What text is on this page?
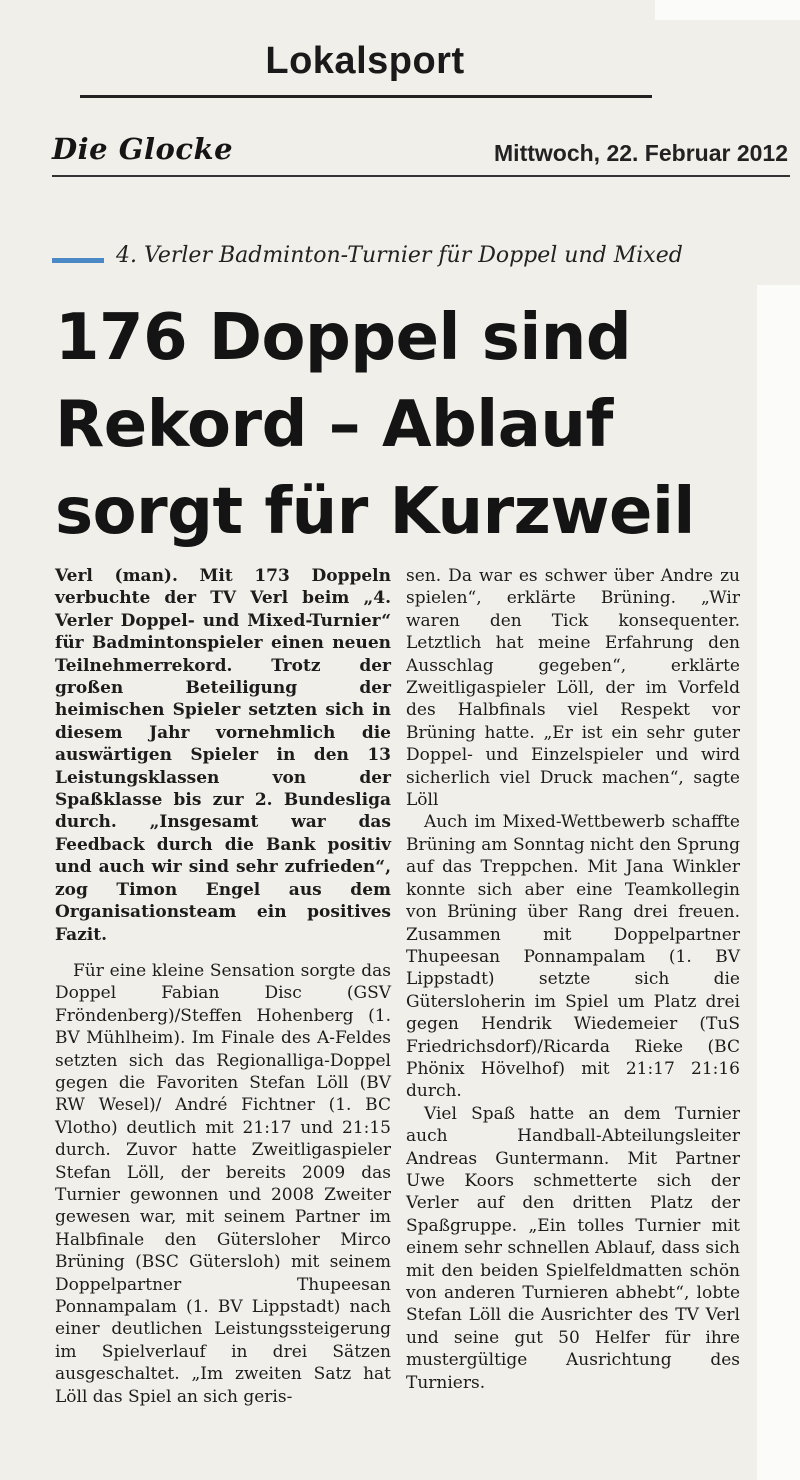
Lokalsport
Die Glocke	Mittwoch, 22. Februar 2012
4. Verler Badminton-Turnier für Doppel und Mixed
176 Doppel sind Rekord – Ablauf sorgt für Kurzweil

Verl (man). Mit 173 Doppeln verbuchte der TV Verl beim „4. Verler Doppel- und Mixed-Turnier“ für Badmintonspieler einen neuen Teilnehmerrekord. Trotz der großen Beteiligung der heimischen Spieler setzten sich in diesem Jahr vornehmlich die auswärtigen Spieler in den 13 Leistungsklassen von der Spaßklasse bis zur 2. Bundesliga durch. „Insgesamt war das Feedback durch die Bank positiv und auch wir sind sehr zufrieden“, zog Timon Engel aus dem Organisationsteam ein positives Fazit.

Für eine kleine Sensation sorgte das Doppel Fabian Disc (GSV Fröndenberg)/Steffen Hohenberg (1. BV Mühlheim). Im Finale des A-Feldes setzten sich das Regionalliga-Doppel gegen die Favoriten Stefan Löll (BV RW Wesel)/ André Fichtner (1. BC Vlotho) deutlich mit 21:17 und 21:15 durch. Zuvor hatte Zweitligaspieler Stefan Löll, der bereits 2009 das Turnier gewonnen und 2008 Zweiter gewesen war, mit seinem Partner im Halbfinale den Gütersloher Mirco Brüning (BSC Gütersloh) mit seinem Doppelpartner Thupeesan Ponnampalam (1. BV Lippstadt) nach einer deutlichen Leistungssteigerung im Spielverlauf in drei Sätzen ausgeschaltet. „Im zweiten Satz hat Löll das Spiel an sich geris-

sen. Da war es schwer über Andre zu spielen“, erklärte Brüning. „Wir waren den Tick konsequenter. Letztlich hat meine Erfahrung den Ausschlag gegeben“, erklärte Zweitligaspieler Löll, der im Vorfeld des Halbfinals viel Respekt vor Brüning hatte. „Er ist ein sehr guter Doppel- und Einzelspieler und wird sicherlich viel Druck machen“, sagte Löll

Auch im Mixed-Wettbewerb schaffte Brüning am Sonntag nicht den Sprung auf das Treppchen. Mit Jana Winkler konnte sich aber eine Teamkollegin von Brüning über Rang drei freuen. Zusammen mit Doppelpartner Thupeesan Ponnampalam (1. BV Lippstadt) setzte sich die Gütersloherin im Spiel um Platz drei gegen Hendrik Wiedemeier (TuS Friedrichsdorf)/Ricarda Rieke (BC Phönix Hövelhof) mit 21:17 21:16 durch.

Viel Spaß hatte an dem Turnier auch Handball-Abteilungsleiter Andreas Guntermann. Mit Partner Uwe Koors schmetterte sich der Verler auf den dritten Platz der Spaßgruppe. „Ein tolles Turnier mit einem sehr schnellen Ablauf, dass sich mit den beiden Spielfeldmatten schön von anderen Turnieren abhebt“, lobte Stefan Löll die Ausrichter des TV Verl und seine gut 50 Helfer für ihre mustergültige Ausrichtung des Turniers.
